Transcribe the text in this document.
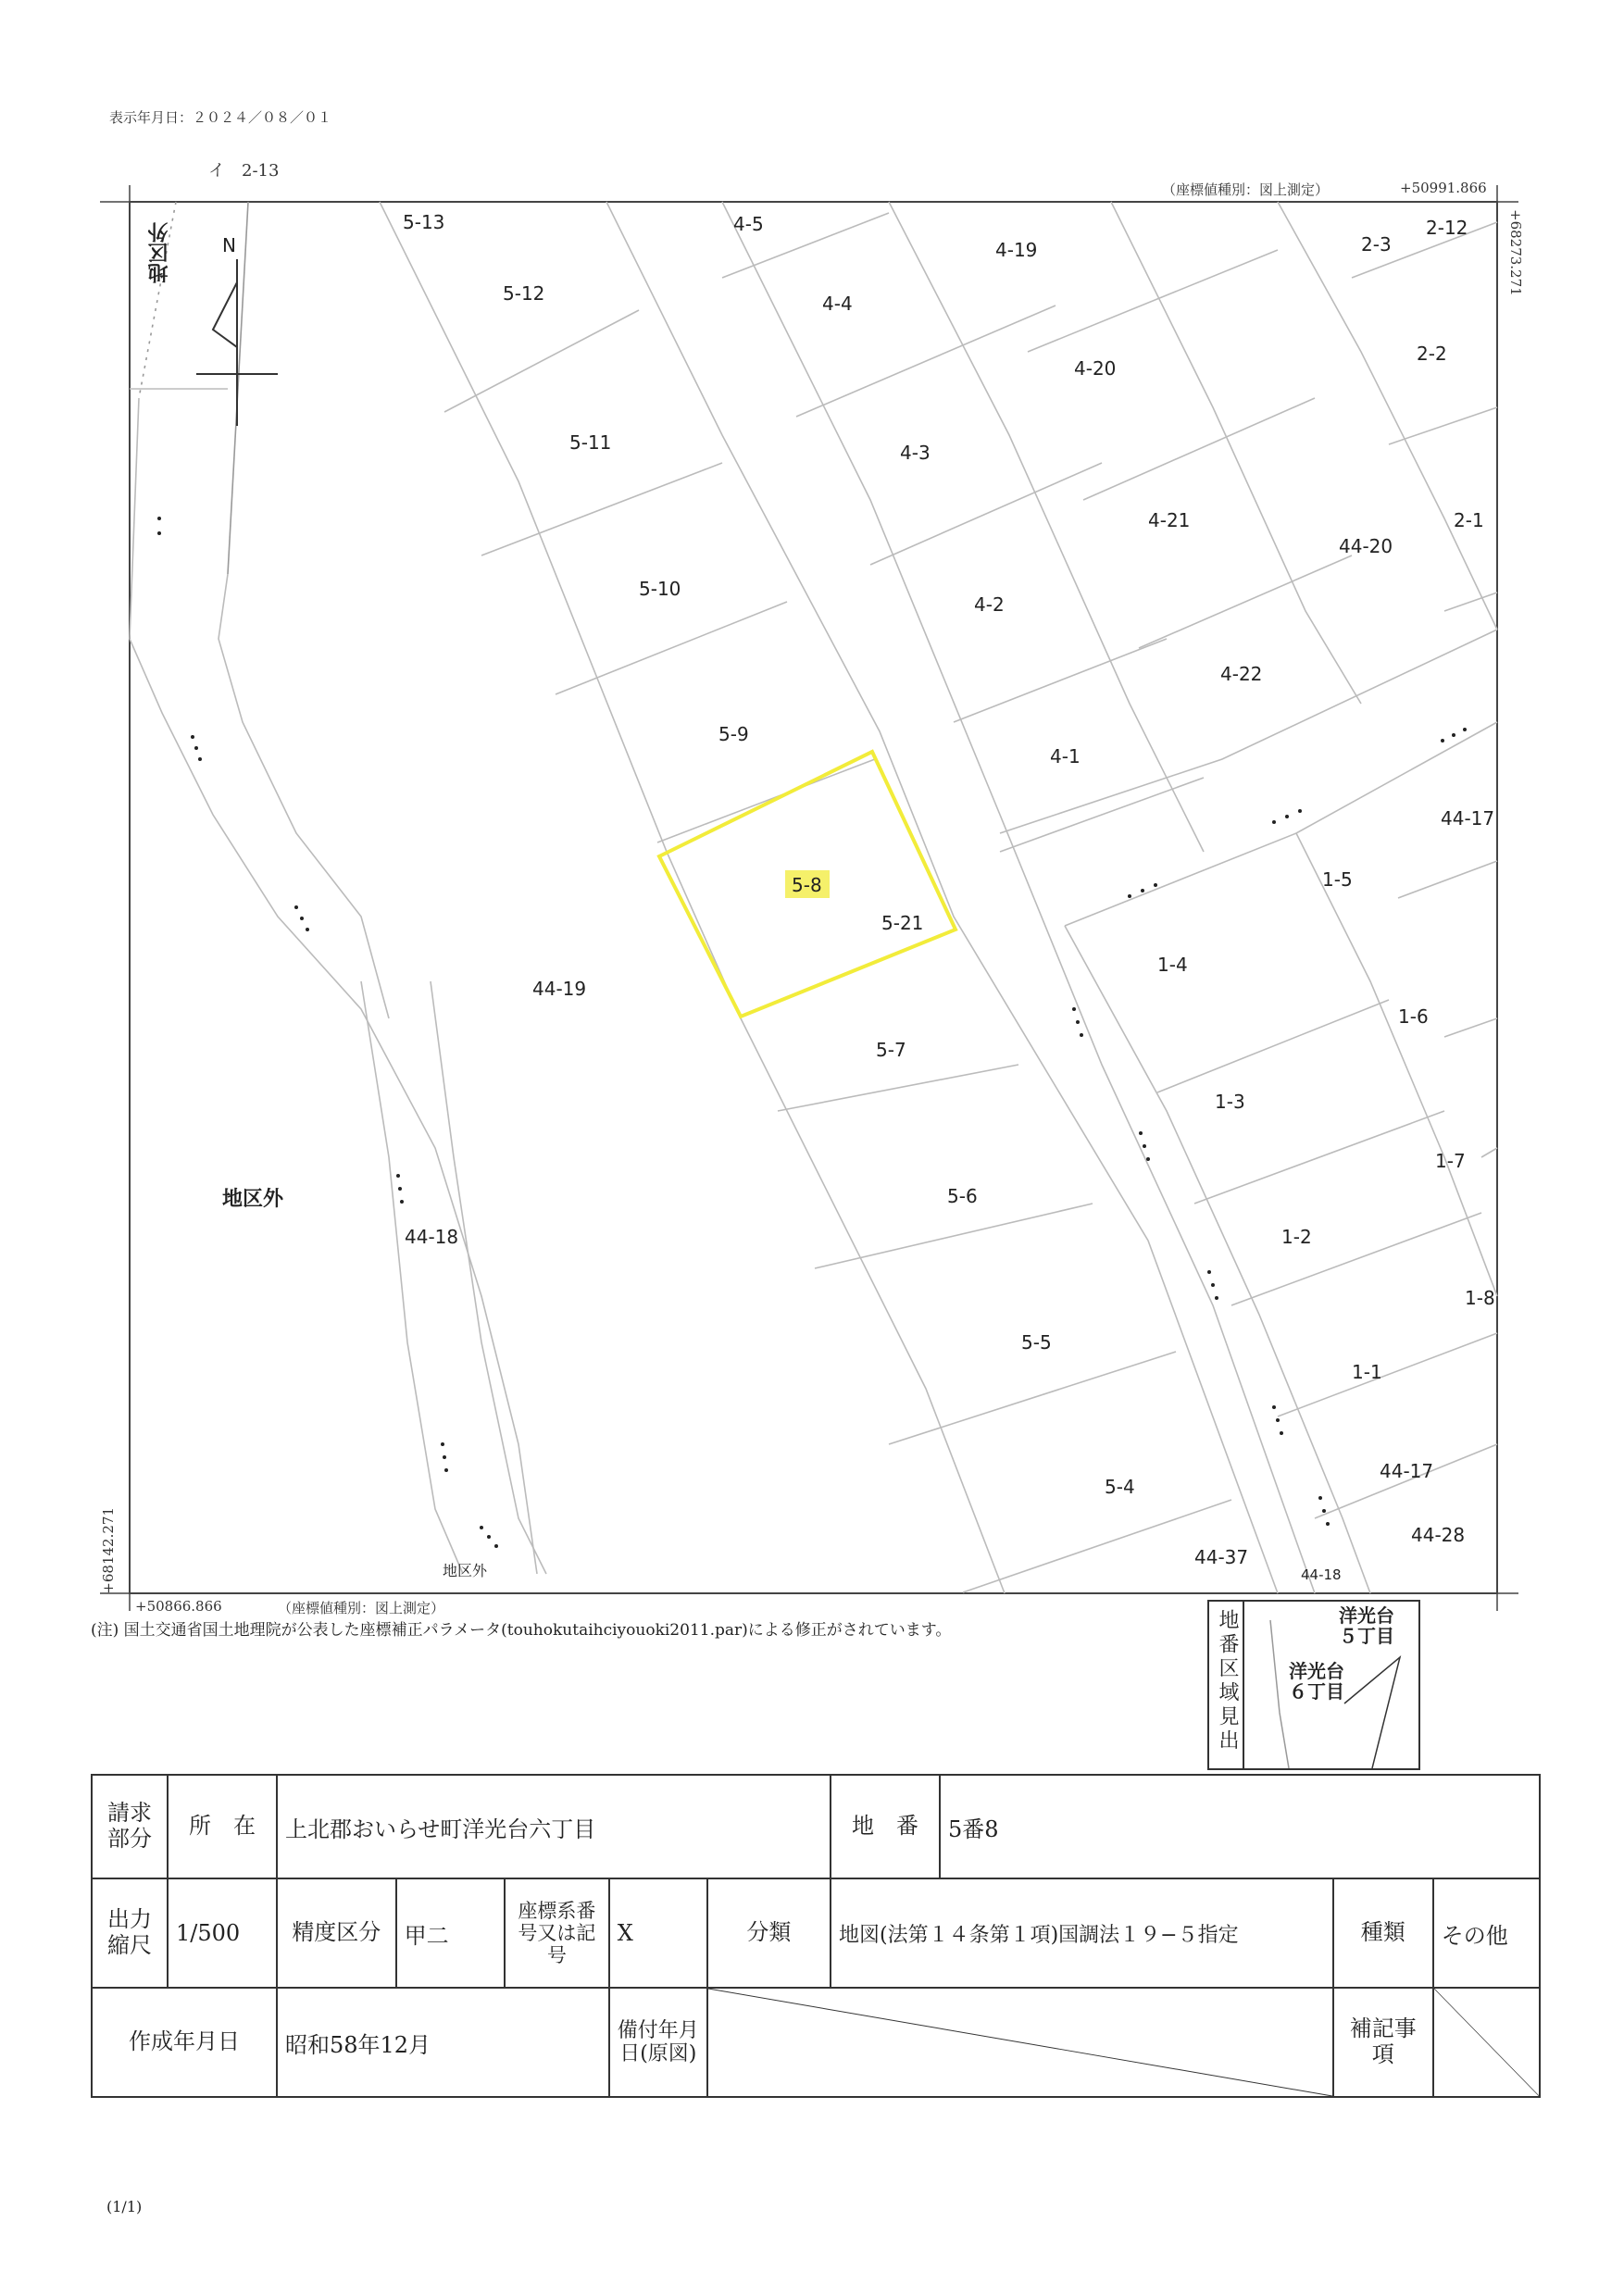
表示年月日：２０２４／０８／０１
イ　2-13
（座標値種別：図上測定）	+50991.866
+68273.271
+68142.271
+50866.866	（座標値種別：図上測定）
N
5-13
5-12
5-11
5-10
5-9
5-8
5-21
5-7
5-6
5-5
5-4
4-5
4-4
4-3
4-2
4-1
4-19
4-20
4-21
4-22
2-3
2-12
2-2
2-1
44-20
44-17
44-17
44-28
44-37
44-18
44-18
44-19
1-5
1-4
1-6
1-3
1-7
1-2
1-8
1-1
地区外
地区外
地区外
(注) 国土交通省国土地理院が公表した座標補正パラメータ(touhokutaihciyouoki2011.par)による修正がされています。	地番区域見出	洋光台
５丁目
洋光台
６丁目
請求部分	所　在	上北郡おいらせ町洋光台六丁目					地　番	5番8		
出力縮尺	1/500	精度区分	甲二	座標系番号又は記号	X	分類	地図(法第１４条第１項)国調法１９−５指定		種類	その他
作成年月日		昭和58年12月			備付年月日(原図)				補記事項	
(1/1)
